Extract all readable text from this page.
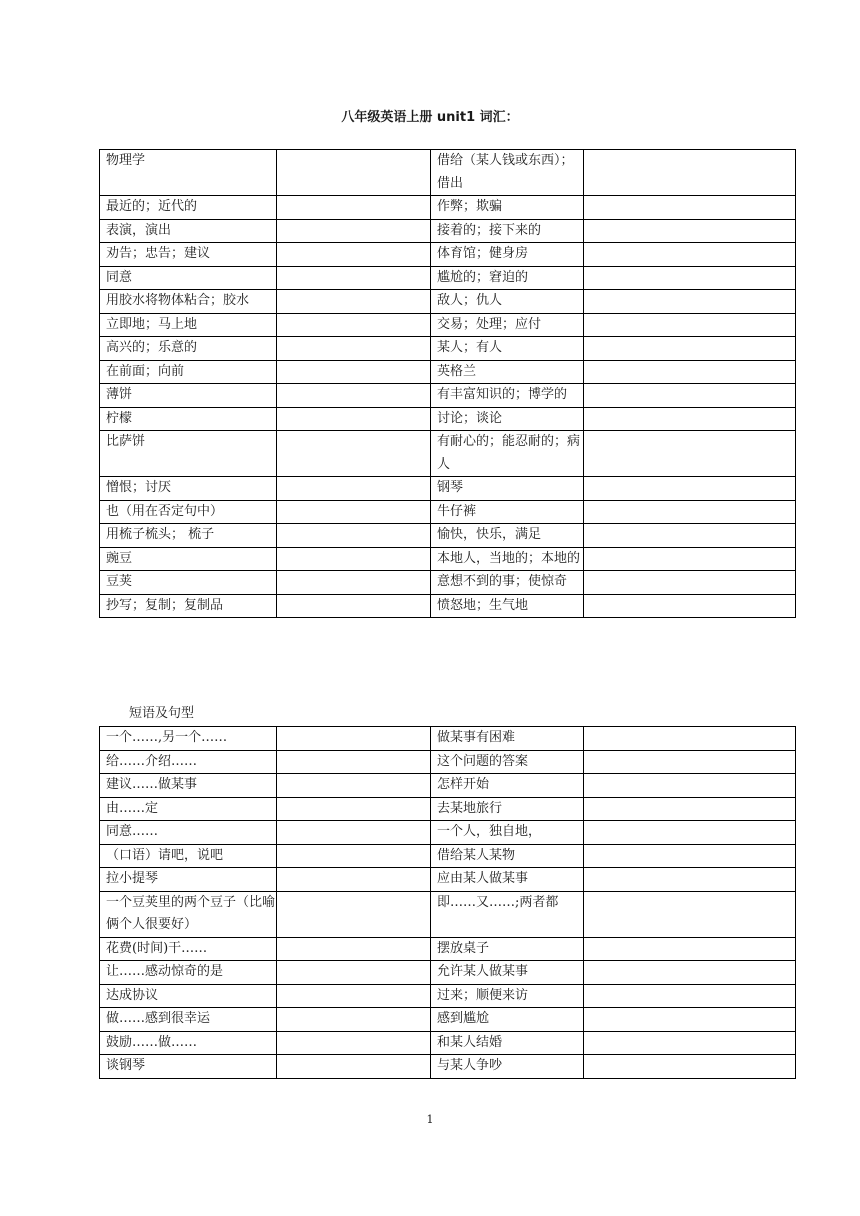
八年级英语上册 unit1 词汇：
物理学		借给（某人钱或东西）；借出	
最近的；近代的		作弊；欺骗	
表演，演出		接着的；接下来的	
劝告；忠告；建议		体育馆；健身房	
同意		尴尬的；窘迫的	
用胶水将物体粘合；胶水		敌人；仇人	
立即地；马上地		交易；处理；应付	
高兴的；乐意的		某人；有人	
在前面；向前		英格兰	
薄饼		有丰富知识的；博学的	
柠檬		讨论；谈论	
比萨饼		有耐心的；能忍耐的；病人	
憎恨；讨厌		钢琴	
也（用在否定句中）		牛仔裤	
用梳子梳头； 梳子		愉快，快乐，满足	
豌豆		本地人，当地的；本地的	
豆荚		意想不到的事；使惊奇	
抄写；复制；复制品		愤怒地；生气地	
短语及句型
一个……,另一个……		做某事有困难	
给……介绍……		这个问题的答案	
建议……做某事		怎样开始	
由……定		去某地旅行	
同意……		一个人，独自地，	
（口语）请吧，说吧		借给某人某物	
拉小提琴		应由某人做某事	
一个豆荚里的两个豆子（比喻俩个人很要好）		即……又……;两者都	
花费(时间)干……		摆放桌子	
让……感动惊奇的是		允许某人做某事	
达成协议		过来；顺便来访	
做……感到很幸运		感到尴尬	
鼓励……做……		和某人结婚	
谈钢琴		与某人争吵	
1
